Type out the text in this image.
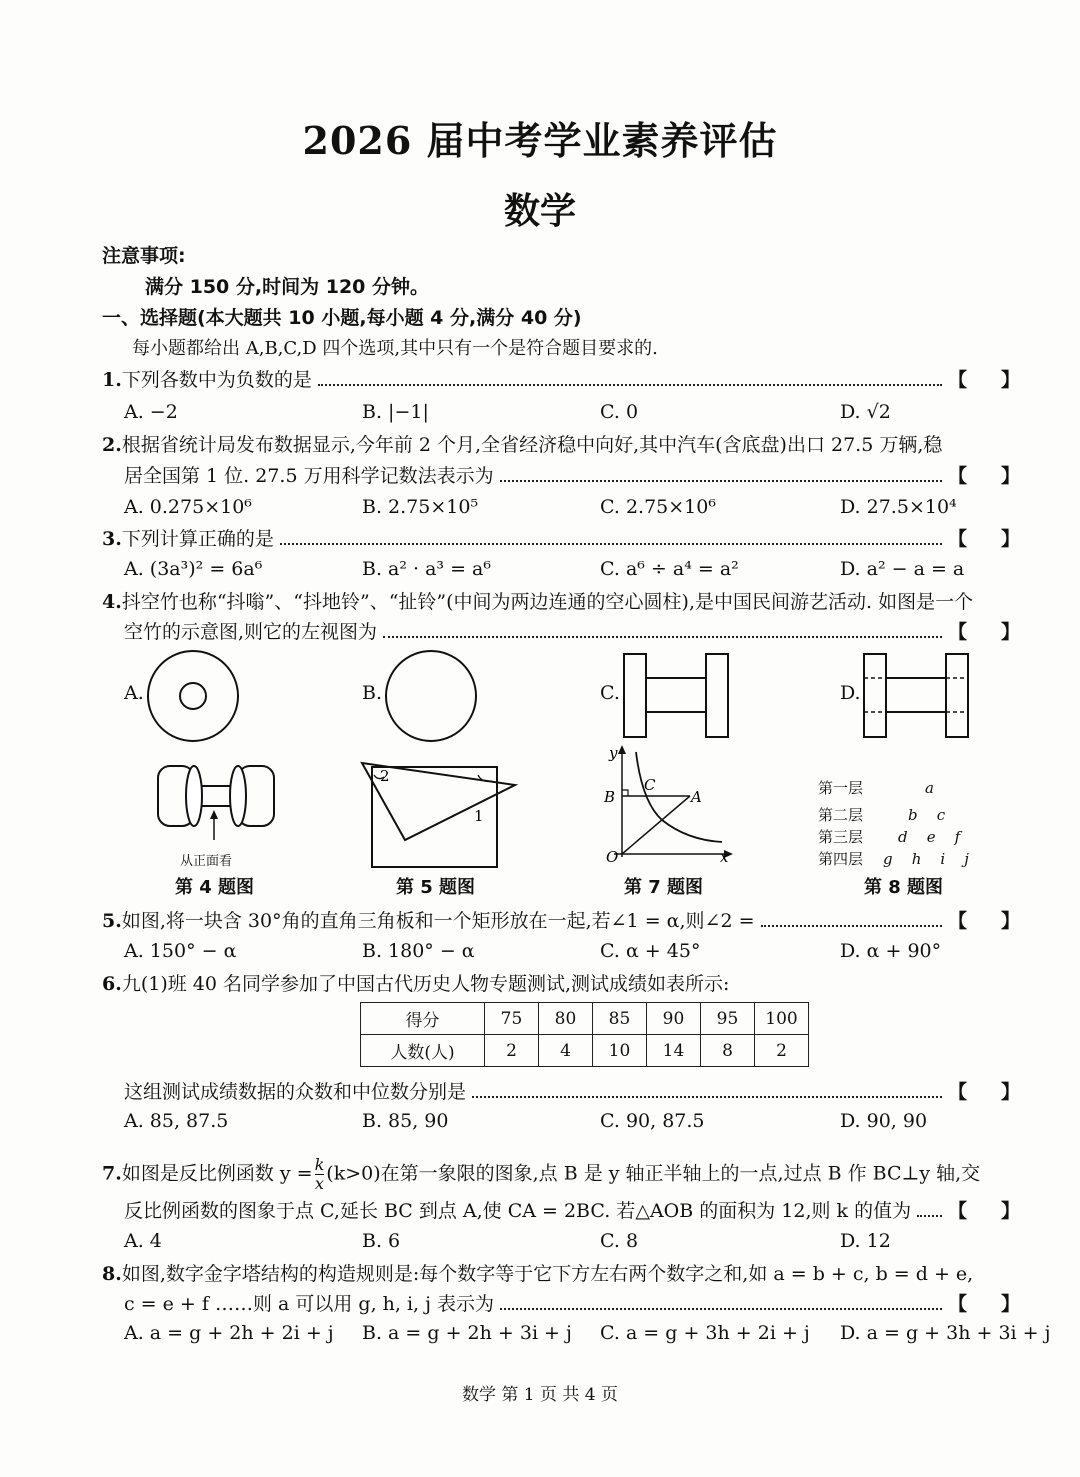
2026 届中考学业素养评估
数学
注意事项:
满分 150 分,时间为 120 分钟。
一、选择题(本大题共 10 小题,每小题 4 分,满分 40 分)
每小题都给出 A,B,C,D 四个选项,其中只有一个是符合题目要求的.
1. 下列各数中为负数的是	【】
A. −2	B. |−1|	C. 0	D. √2
2.根据省统计局发布数据显示,今年前 2 个月,全省经济稳中向好,其中汽车(含底盘)出口 27.5 万辆,稳
居全国第 1 位. 27.5 万用科学记数法表示为	【】
A. 0.275×10⁶	B. 2.75×10⁵	C. 2.75×10⁶	D. 27.5×10⁴
3. 下列计算正确的是	【】
A. (3a³)² = 6a⁶	B. a² · a³ = a⁶	C. a⁶ ÷ a⁴ = a²	D. a² − a = a
4.抖空竹也称“抖嗡”、“抖地铃”、“扯铃”(中间为两边连通的空心圆柱),是中国民间游艺活动. 如图是一个
空竹的示意图,则它的左视图为	【】
A.	B.	C.	D.
从正面看
第 4 题图
2
1
第 5 题图
y
C
B	A
O	x
第 7 题图
第一层	a
第二层	b    c
第三层 d    e    f
第四层 g    h    i    j
第 8 题图
5. 如图,将一块含 30°角的直角三角板和一个矩形放在一起,若∠1 = α,则∠2 =	【】
A. 150° − α	B. 180° − α	C. α + 45°	D. α + 90°
6.九(1)班 40 名同学参加了中国古代历史人物专题测试,测试成绩如表所示:
得分	75	80	85	90	95	100
人数(人)	2	4	10	14	8	2
这组测试成绩数据的众数和中位数分别是	【】
A. 85, 87.5	B. 85, 90	C. 90, 87.5	D. 90, 90
7.如图是反比例函数 $y = \frac{k}{x} (k>0)$在第一象限的图象,点 B 是 y 轴正半轴上的一点,过点 B 作 BC⊥y 轴,交
反比例函数的图象于点 C,延长 BC 到点 A,使 CA = 2BC. 若△AOB 的面积为 12,则 k 的值为 【】
A. 4	B. 6	C. 8	D. 12
8.如图,数字金字塔结构的构造规则是:每个数字等于它下方左右两个数字之和,如 a = b + c, b = d + e,
c = e + f ……则 a 可以用 g, h, i, j 表示为	【】
A. a = g + 2h + 2i + j B. a = g + 2h + 3i + j C. a = g + 3h + 2i + j D. a = g + 3h + 3i + j
数学 第 1 页 共 4 页
